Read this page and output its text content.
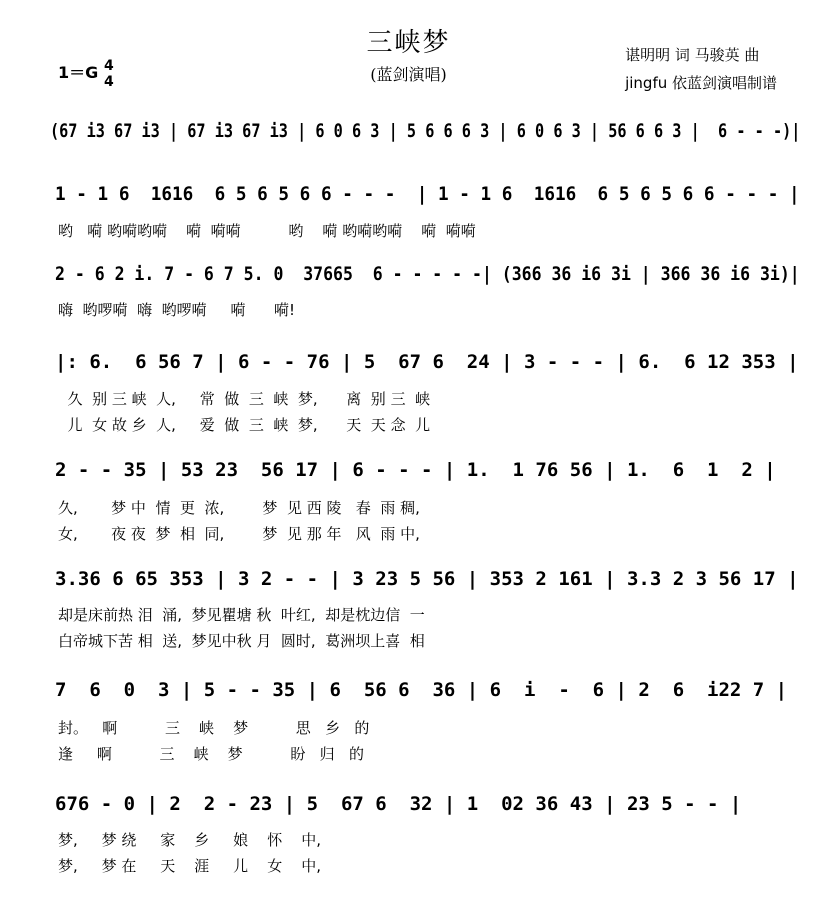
三峡梦
(蓝剑演唱)
谌明明 词 马骏英 曲
jingfu 依蓝剑演唱制谱
1＝G 4
4
(67 i3 67 i3 | 67 i3 67 i3 | 6 0 6 3 | 5 6 6 6 3 | 6 0 6 3 | 56 6 6 3 |  6 - - -)|
1 - 1 6  1616  6 5 6 5 6 6 - - -  | 1 - 1 6  1616  6 5 6 5 6 6 - - - |
哟   嗬 哟嗬哟嗬    嗬  嗬嗬          哟    嗬 哟嗬哟嗬    嗬  嗬嗬
2 - 6 2 i. 7 - 6 7 5. 0  37665  6 - - - - -| (366 36 i6 3i | 366 36 i6 3i)|
嗨  哟啰嗬  嗨  哟啰嗬     嗬      嗬!
|: 6.  6 56 7 | 6 - - 76 | 5  67 6  24 | 3 - - - | 6.  6 12 353 |
久  别 三 峡  人,     常  做  三  峡  梦,      离  别 三  峡
儿  女 故 乡  人,     爱  做  三  峡  梦,      天  天 念  儿
2 - - 35 | 53 23  56 17 | 6 - - - | 1.  1 76 56 | 1.  6  1  2 |
久,       梦 中  情  更  浓,        梦  见 西 陵   春  雨 稠,
女,       夜 夜  梦  相  同,        梦  见 那 年   风  雨 中,
3.36 6 65 353 | 3 2 - - | 3 23 5 56 | 353 2 161 | 3.3 2 3 56 17 |
却是床前热 泪  涌,  梦见瞿塘 秋  叶红,  却是枕边信  一
白帝城下苦 相  送,  梦见中秋 月  圆时,  葛洲坝上喜  相
7  6  0  3 | 5 - - 35 | 6  56 6  36 | 6  i  -  6 | 2  6  i22 7 |
封。   啊          三    峡    梦          思   乡   的
逢     啊          三    峡    梦          盼   归   的
676 - 0 | 2  2 - 23 | 5  67 6  32 | 1  02 36 43 | 23 5 - - |
梦,     梦 绕     家    乡     娘    怀    中,
梦,     梦 在     天    涯     儿    女    中,
